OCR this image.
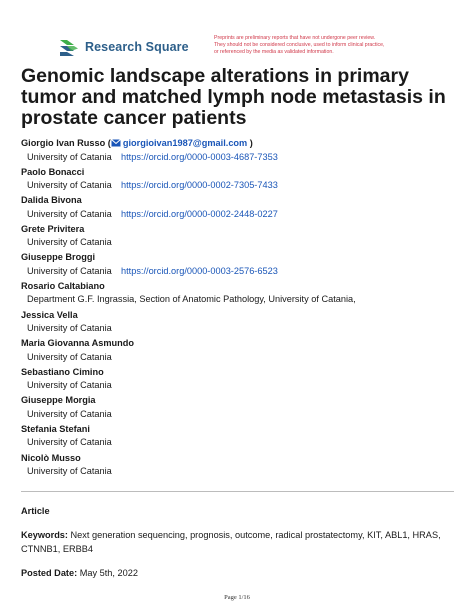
Research Square
Preprints are preliminary reports that have not undergone peer review.
They should not be considered conclusive, used to inform clinical practice,
or referenced by the media as validated information.
Genomic landscape alterations in primary tumor and matched lymph node metastasis in prostate cancer patients
Giorgio Ivan Russo ( giorgioivan1987@gmail.com )
University of Catania	https://orcid.org/0000-0003-4687-7353
Paolo Bonacci
University of Catania	https://orcid.org/0000-0002-7305-7433
Dalida Bivona
University of Catania	https://orcid.org/0000-0002-2448-0227
Grete Privitera
University of Catania
Giuseppe Broggi
University of Catania	https://orcid.org/0000-0003-2576-6523
Rosario Caltabiano
Department G.F. Ingrassia, Section of Anatomic Pathology, University of Catania,
Jessica Vella
University of Catania
Maria Giovanna Asmundo
University of Catania
Sebastiano Cimino
University of Catania
Giuseppe Morgia
University of Catania
Stefania Stefani
University of Catania
Nicolò Musso
University of Catania
Article
Keywords: Next generation sequencing, prognosis, outcome, radical prostatectomy, KIT, ABL1, HRAS, CTNNB1, ERBB4
Posted Date: May 5th, 2022
Page 1/16
